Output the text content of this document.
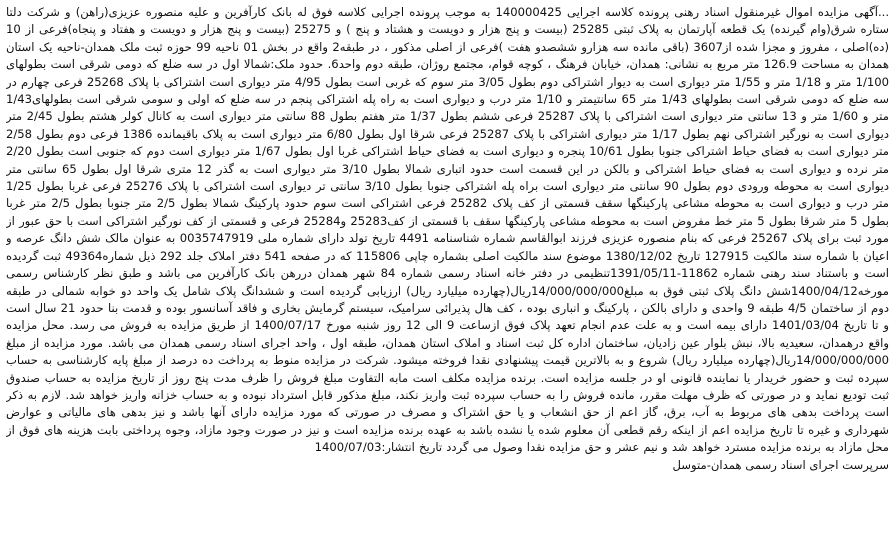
...آگهی مزایده اموال غیرمنقول اسناد رهنی پرونده کلاسه اجرایی 140000425 به موجب پرونده اجرایی کلاسه فوق له بانک کارآفرین و علیه منصوره عزیزی(راهن) و شرکت دلتا ستاره شرق(وام گیرنده) یک قطعه آپارتمان به پلاک ثبتی 25285 (بیست و پنج هزار و دویست و هشتاد و پنج ) و 25275 (بیست و پنج هزار و دویست و هفتاد و پنجاه)فرعی از 10 (ده)اصلی ، مفروز و مجزا شده از3607 (باقی مانده سه هزارو ششصدو هفت )فرعی از اصلی مذکور ، در طبقه2 واقع در بخش 01 ناحیه 99 حوزه ثبت ملک همدان-ناحیه یک استان همدان به مساحت 126.9 متر مربع به نشانی: همدان، خیابان فرهنگ ، کوچه قوام، مجتمع روژان، طبقه دوم واحد6. حدود ملک:شمالا اول در سه ضلع که دومی شرقی است بطولهای 1/100 متر و 1/18 متر و 1/55 متر دیواری است به دیوار اشتراکی دوم بطول 3/05 متر سوم که غربی است بطول 4/95 متر دیواری است اشتراکی با پلاک 25268 فرعی چهارم در سه ضلع که دومی شرقی است بطولهای 1/43 متر 65 سانتیمتر و 1/10 متر درب و دیواری است به راه پله اشتراکی پنجم در سه ضلع که اولی و سومی شرقی است بطولهای1/43 متر و 1/60 متر و 13 سانتی متر دیواری است اشتراکی با پلاک 25287 فرعی ششم بطول 1/37 متر هفتم بطول 88 سانتی متر دیواری است به کانال کولر هشتم بطول 2/45 متر دیواری است به نورگیر اشتراکی نهم بطول 1/17 متر دیواری اشتراکی با پلاک 25287 فرعی شرقا اول بطول 6/80 متر دیواری است به پلاک باقیمانده 1386 فرعی دوم بطول 2/58 متر دیواری است به فضای حیاط اشتراکی جنوبا بطول 10/61 پنجره و دیواری است به فضای حیاط اشتراکی غربا اول بطول 1/67 متر دیواری است دوم که جنوبی است بطول 2/20 متر نرده و دیواری است به فضای حیاط اشتراکی و بالکن در این قسمت است حدود اتباری شمالا بطول 3/10 متر دیواری است به گذر 12 متری شرقا اول بطول 65 سانتی متر دیواری است به محوطه ورودی دوم بطول 90 سانتی متر دیواری است براه پله اشتراکی جنوبا بطول 3/10 سانتی تر دیواری است اشتراکی با پلاک 25276 فرعی غربا بطول 1/25 متر درب و دیواری است به محوطه مشاعی پارکینگها سقف قسمتی از کف پلاک 25282 فرعی اشتراکی است سوم حدود پارکینگ شمالا بطول 2/5 متر جنوبا بطول 2/5 متر غربا بطول 5 متر شرقا بطول 5 متر خط مفروض است به محوطه مشاعی پارکینگها سقف با قسمتی از کف25283 و25284 فرعی و قسمتی از کف نورگیر اشتراکی است با حق عبور از مورد ثبت برای پلاک 25267 فرعی که بنام منصوره عزیزی فرزند ابوالقاسم شماره شناسنامه 4491 تاریخ تولد دارای شماره ملی 0035747919 به عنوان مالک شش دانگ عرصه و اعیان با شماره سند مالکیت 127915 تاریخ 1380/12/02 موضوع سند مالکیت اصلی بشماره چاپی 115806 که در صفحه 541 دفتر املاک جلد 292 ذیل شماره49364 ثبت گردیده است و باستناد سند رهنی شماره 11862-1391/05/11تنظیمی در دفتر خانه اسناد رسمی شماره 84 شهر همدان دررهن بانک کارآفرین می باشد و طبق نظر کارشناس رسمی مورخه1400/04/12شش دانگ پلاک ثبتی فوق به مبلغ14/000/000/000ریال(چهارده میلیارد ریال) ارزیابی گردیده است و ششدانگ پلاک شامل یک واحد دو خوابه شمالی در طبقه دوم از ساختمان 4/5 طبقه 9 واحدی و دارای بالکن ، پارکینگ و انباری بوده ، کف هال پذیرائی سرامیک، سیستم گرمایش بخاری و فاقد آسانسور بوده و قدمت بنا حدود 21 سال است و تا تاریخ 1401/03/04 دارای بیمه است و به علت عدم انجام تعهد پلاک فوق ازساعت 9 الی 12 روز شنبه مورخ 1400/07/17 از طریق مزایده به فروش می رسد. محل مزایده واقع درهمدان، سعیدیه بالا، نبش بلوار عین زادیان، ساختمان اداره کل ثبت اسناد و املاک استان همدان، طبقه اول ، واحد اجرای اسناد رسمی همدان می باشد. مورد مزایده از مبلغ 14/000/000/000ریال(چهارده میلیارد ریال) شروع و به بالاترین قیمت پیشنهادی نقدا فروخته میشود. شرکت در مزایده منوط به پرداخت ده درصد از مبلغ پایه کارشناسی به حساب سپرده ثبت و حضور خریدار یا نماینده قانونی او در جلسه مزایده است. برنده مزایده مکلف است مابه التفاوت مبلغ فروش را ظرف مدت پنج روز از تاریخ مزایده به حساب صندوق ثبت تودیع نماید و در صورتی که ظرف مهلت مقرر، مانده فروش را به حساب سپرده ثبت واریز نکند، مبلغ مذکور قابل استرداد نبوده و به حساب خزانه واریز خواهد شد. لازم به ذکر است پرداخت بدهی های مربوط به آب، برق، گاز اعم از حق انشعاب و یا حق اشتراک و مصرف در صورتی که مورد مزایده دارای آنها باشد و نیز بدهی های مالیاتی و عوارض شهرداری و غیره تا تاریخ مزایده اعم از اینکه رقم قطعی آن معلوم شده یا نشده باشد به عهده برنده مزایده است و نیز در صورت وجود مازاد، وجوه پرداختی بابت هزینه های فوق از محل مازاد به برنده مزایده مسترد خواهد شد و نیم عشر و حق مزایده نقدا وصول می گردد تاریخ انتشار:1400/07/03

سرپرست اجرای اسناد رسمی همدان-متوسل
